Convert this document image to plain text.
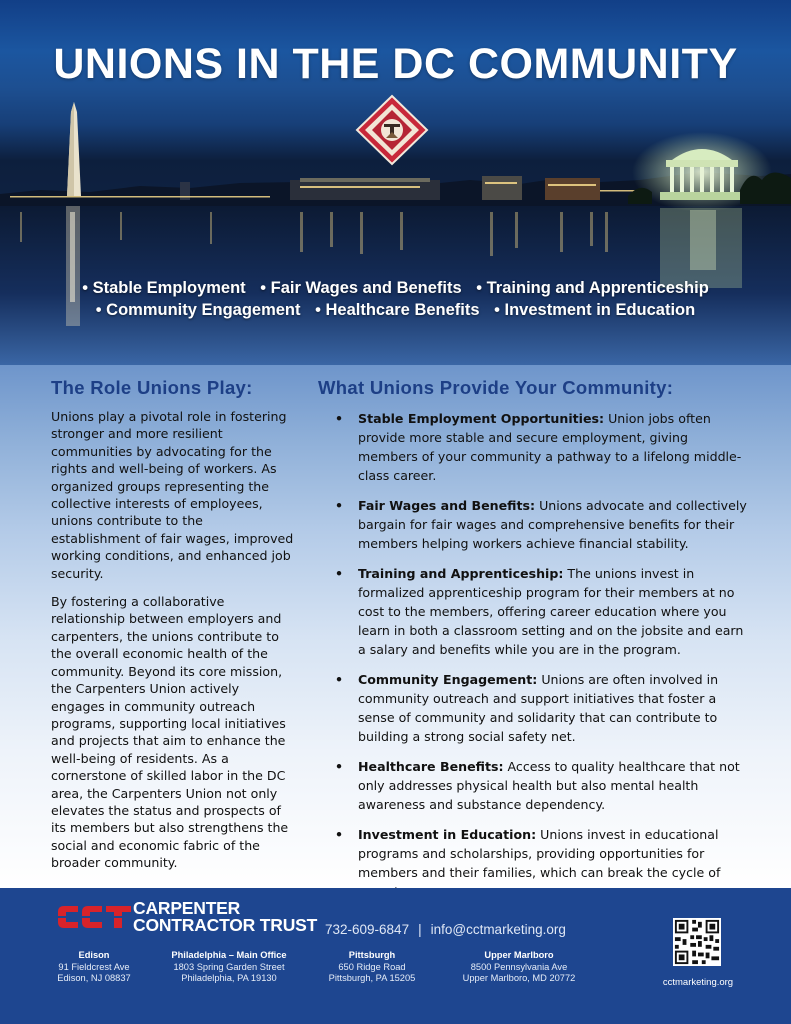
UNIONS IN THE DC COMMUNITY
• Stable Employment • Fair Wages and Benefits • Training and Apprenticeship
• Community Engagement • Healthcare Benefits • Investment in Education
The Role Unions Play:	What Unions Provide Your Community:

Unions play a pivotal role in fostering stronger and more resilient communities by advocating for the rights and well-being of workers. As organized groups representing the collective interests of employees, unions contribute to the establishment of fair wages, improved working conditions, and enhanced job security.

By fostering a collaborative relationship between employers and carpenters, the unions contribute to the overall economic health of the community. Beyond its core mission, the Carpenters Union actively engages in community outreach programs, supporting local initiatives and projects that aim to enhance the well-being of residents. As a cornerstone of skilled labor in the DC area, the Carpenters Union not only elevates the status and prospects of its members but also strengthens the social and economic fabric of the broader community.

• Stable Employment Opportunities: Union jobs often provide more stable and secure employment, giving members of your community a pathway to a lifelong middle-class career.
• Fair Wages and Benefits: Unions advocate and collectively bargain for fair wages and comprehensive benefits for their members helping workers achieve financial stability.
• Training and Apprenticeship: The unions invest in formalized apprenticeship program for their members at no cost to the members, offering career education where you learn in both a classroom setting and on the jobsite and earn a salary and benefits while you are in the program.
• Community Engagement: Unions are often involved in community outreach and support initiatives that foster a sense of community and solidarity that can contribute to building a strong social safety net.
• Healthcare Benefits: Access to quality healthcare that not only addresses physical health but also mental health awareness and substance dependency.
• Investment in Education: Unions invest in educational programs and scholarships, providing opportunities for members and their families, which can break the cycle of
CARPENTER
CONTRACTOR TRUST 732-609-6847 | info@cctmarketing.org
Edison
91 Fieldcrest Ave
Edison, NJ 08837
Philadelphia – Main Office
1803 Spring Garden Street
Philadelphia, PA 19130
Pittsburgh
650 Ridge Road
Pittsburgh, PA 15205
Upper Marlboro
8500 Pennsylvania Ave
Upper Marlboro, MD 20772	cctmarketing.org
